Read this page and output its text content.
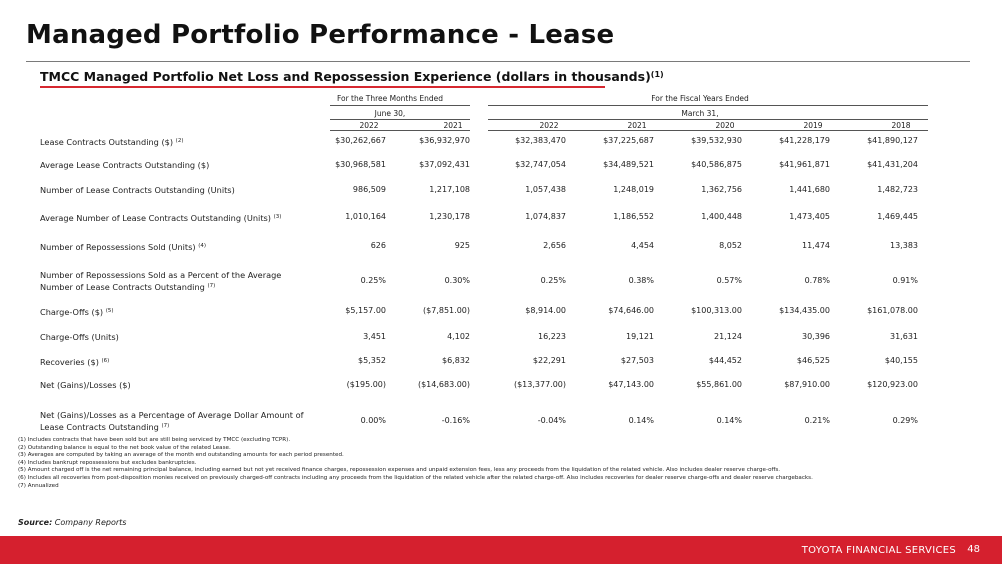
Managed Portfolio Performance - Lease
TMCC Managed Portfolio Net Loss and Repossession Experience (dollars in thousands)$^{(1)}$
For the Three Months Ended
June 30,
For the Fiscal Years Ended
March 31,
2022	2021	2022	2021	2020	2019	2018
Lease Contracts Outstanding ($) $^{(2)}$	$30,262,667	$36,932,970	$32,383,470	$37,225,687	$39,532,930	$41,228,179	$41,890,127
Average Lease Contracts Outstanding ($)	$30,968,581	$37,092,431	$32,747,054	$34,489,521	$40,586,875	$41,961,871	$41,431,204
Number of Lease Contracts Outstanding (Units)	986,509	1,217,108	1,057,438	1,248,019	1,362,756	1,441,680	1,482,723
Average Number of Lease Contracts Outstanding (Units) $^{(3)}$	1,010,164	1,230,178	1,074,837	1,186,552	1,400,448	1,473,405	1,469,445
Number of Repossessions Sold (Units) $^{(4)}$	626	925	2,656	4,454	8,052	11,474	13,383
Number of Repossessions Sold as a Percent of the Average Number of Lease Contracts Outstanding $^{(7)}$
0.25%	0.30%	0.25%	0.38%	0.57%	0.78%	0.91%
Charge-Offs ($) $^{(5)}$	$5,157.00	($7,851.00)	$8,914.00	$74,646.00	$100,313.00	$134,435.00	$161,078.00
Charge-Offs (Units)	3,451	4,102	16,223	19,121	21,124	30,396	31,631
Recoveries ($) $^{(6)}$	$5,352	$6,832	$22,291	$27,503	$44,452	$46,525	$40,155
Net (Gains)/Losses ($)	($195.00)	($14,683.00)	($13,377.00)	$47,143.00	$55,861.00	$87,910.00	$120,923.00
Net (Gains)/Losses as a Percentage of Average Dollar Amount of Lease Contracts Outstanding $^{(7)}$
0.00%	-0.16%	-0.04%	0.14%	0.14%	0.21%	0.29%
(1) Includes contracts that have been sold but are still being serviced by TMCC (excluding TCPR).
(2) Outstanding balance is equal to the net book value of the related Lease.
(3) Averages are computed by taking an average of the month end outstanding amounts for each period presented.
(4) Includes bankrupt repossessions but excludes bankruptcies.
(5) Amount charged off is the net remaining principal balance, including earned but not yet received finance charges, repossession expenses and unpaid extension fees, less any proceeds from the liquidation of the related vehicle. Also includes dealer reserve charge-offs.
(6) Includes all recoveries from post-disposition monies received on previously charged-off contracts including any proceeds from the liquidation of the related vehicle after the related charge-off. Also includes recoveries for dealer reserve charge-offs and dealer reserve chargebacks.
(7) Annualized
Source: Company Reports
TOYOTA FINANCIAL SERVICES 48
